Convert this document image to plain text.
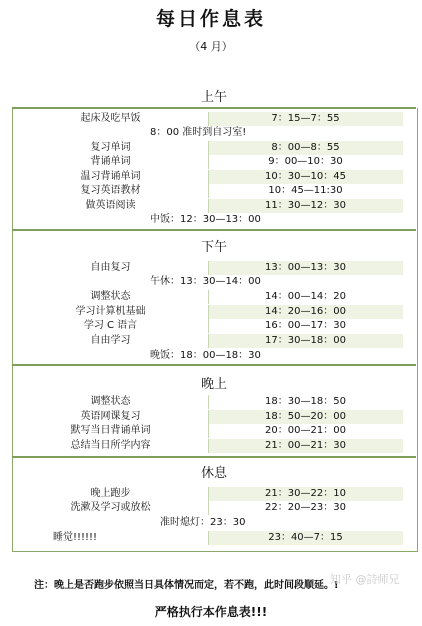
每日作息表
（4 月）
上午
起床及吃早饭	7：15—7：55
8：00 准时到自习室!
复习单词	8：00—8：55
背诵单词	9：00—10：30
温习背诵单词	10：30—10：45
复习英语教材	10：45—11:30
做英语阅读	11：30—12：30
中饭：12：30—13：00
下午
自由复习	13：00—13：30
午休：13：30—14：00
调整状态	14：00—14：20
学习计算机基础	14：20—16：00
学习 C 语言	16：00—17：30
自由学习	17：30—18：00
晚饭：18：00—18：30
晚上
调整状态	18：30—18：50
英语网课复习	18：50—20：00
默写当日背诵单词	20：00—21：00
总结当日所学内容	21：00—21：30
休息
晚上跑步	21：30—22：10
洗漱及学习或放松	22：20—23：30
准时熄灯：23：30
睡觉!!!!!!	23：40—7：15
注：晚上是否跑步依照当日具体情况而定，若不跑，此时间段顺延。!
知乎 @詩师兄
严格执行本作息表!!!
